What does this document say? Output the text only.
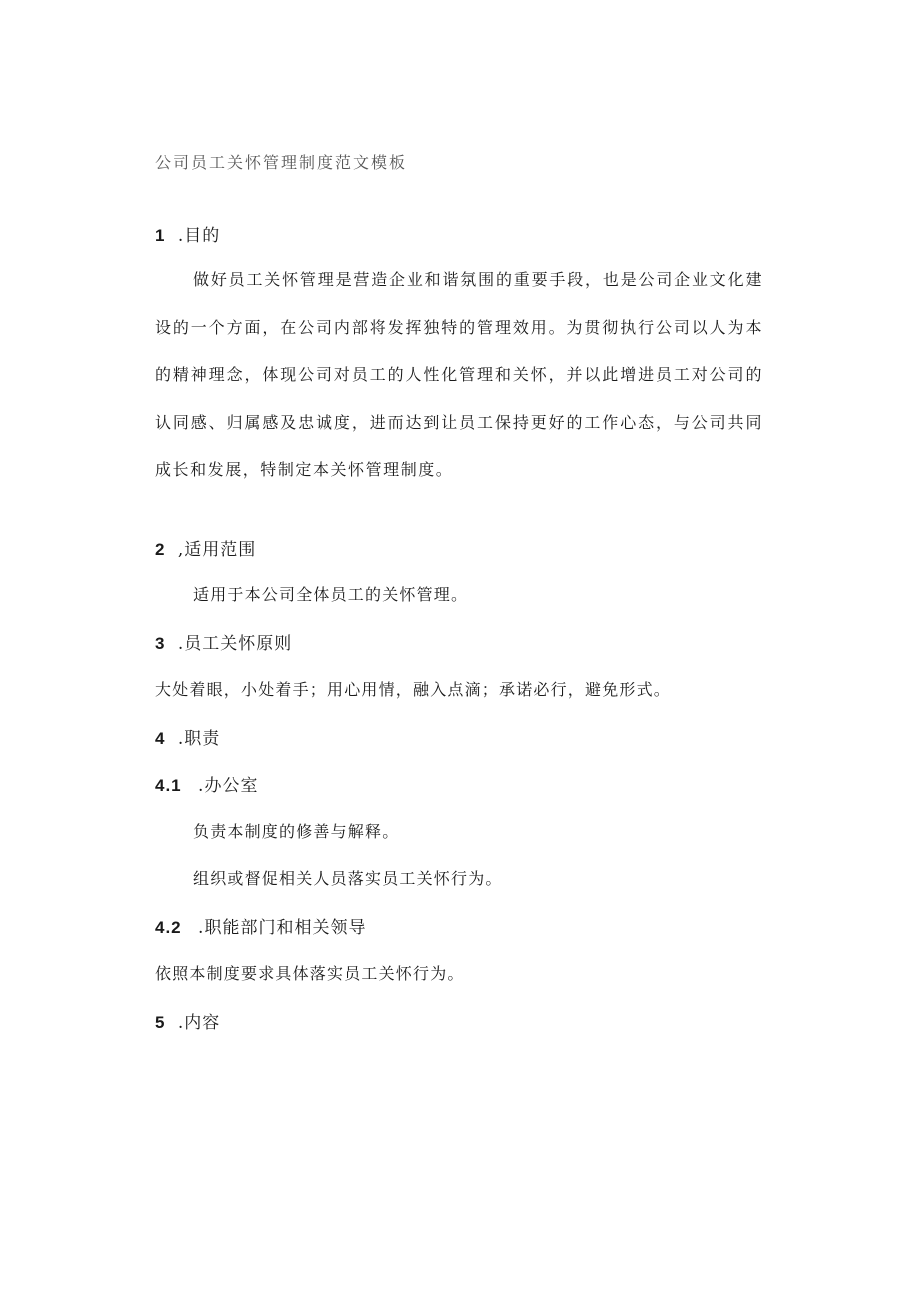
公司员工关怀管理制度范文模板
1 .目的
做好员工关怀管理是营造企业和谐氛围的重要手段，也是公司企业文化建设的一个方面，在公司内部将发挥独特的管理效用。为贯彻执行公司以人为本的精神理念，体现公司对员工的人性化管理和关怀，并以此增进员工对公司的认同感、归属感及忠诚度，进而达到让员工保持更好的工作心态，与公司共同成长和发展，特制定本关怀管理制度。
2 ,适用范围
适用于本公司全体员工的关怀管理。
3 .员工关怀原则
大处着眼，小处着手；用心用情，融入点滴；承诺必行，避免形式。
4 .职责
4.1 .办公室
负责本制度的修善与解释。
组织或督促相关人员落实员工关怀行为。
4.2 .职能部门和相关领导
依照本制度要求具体落实员工关怀行为。
5 .内容
